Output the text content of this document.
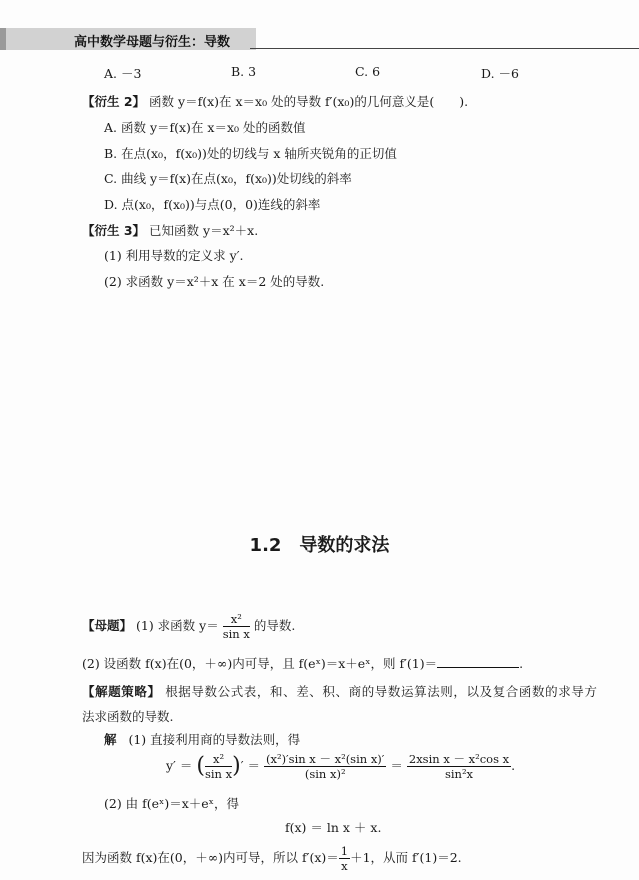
高中数学母题与衍生：导数
A. －3	B. 3	C. 6	D. －6
【衍生 2】 函数 y＝f(x)在 x＝x₀ 处的导数 f′(x₀)的几何意义是(　　).
A. 函数 y＝f(x)在 x＝x₀ 处的函数值
B. 在点(x₀，f(x₀))处的切线与 x 轴所夹锐角的正切值
C. 曲线 y＝f(x)在点(x₀，f(x₀))处切线的斜率
D. 点(x₀，f(x₀))与点(0，0)连线的斜率
【衍生 3】 已知函数 y＝x²＋x.
(1) 利用导数的定义求 y′.
(2) 求函数 y＝x²＋x 在 x＝2 处的导数.
1.2　导数的求法
【母题】 (1) 求函数 $y= \frac{\text{x²}}{\text{sin x}}$ 的导数.
(2) 设函数 f(x)在(0，＋∞)内可导，且 f(eˣ)＝x＋eˣ，则 f′(1)＝	.
【解题策略】 根据导数公式表，和、差、积、商的导数运算法则，以及复合函数的求导方
法求函数的导数.
解 (1) 直接利用商的导数法则，得
y′ ＝ ( $\frac{\text{x²}}{\text{sin x}}$ )′ ＝ $\frac{\text{(x²)′sin x － x²(sin x)′}}{\text{(sin x)²}} = \frac{\text{2xsin x － x²cos x}}{\text{sin²x}}$ .
(2) 由 f(eˣ)＝x＋eˣ，得
f(x) ＝ ln x ＋ x.
因为函数 f(x)在(0，＋∞)内可导，所以 $f'(x)= \frac{1}{x} +1$，从而 f′(1)＝2.
